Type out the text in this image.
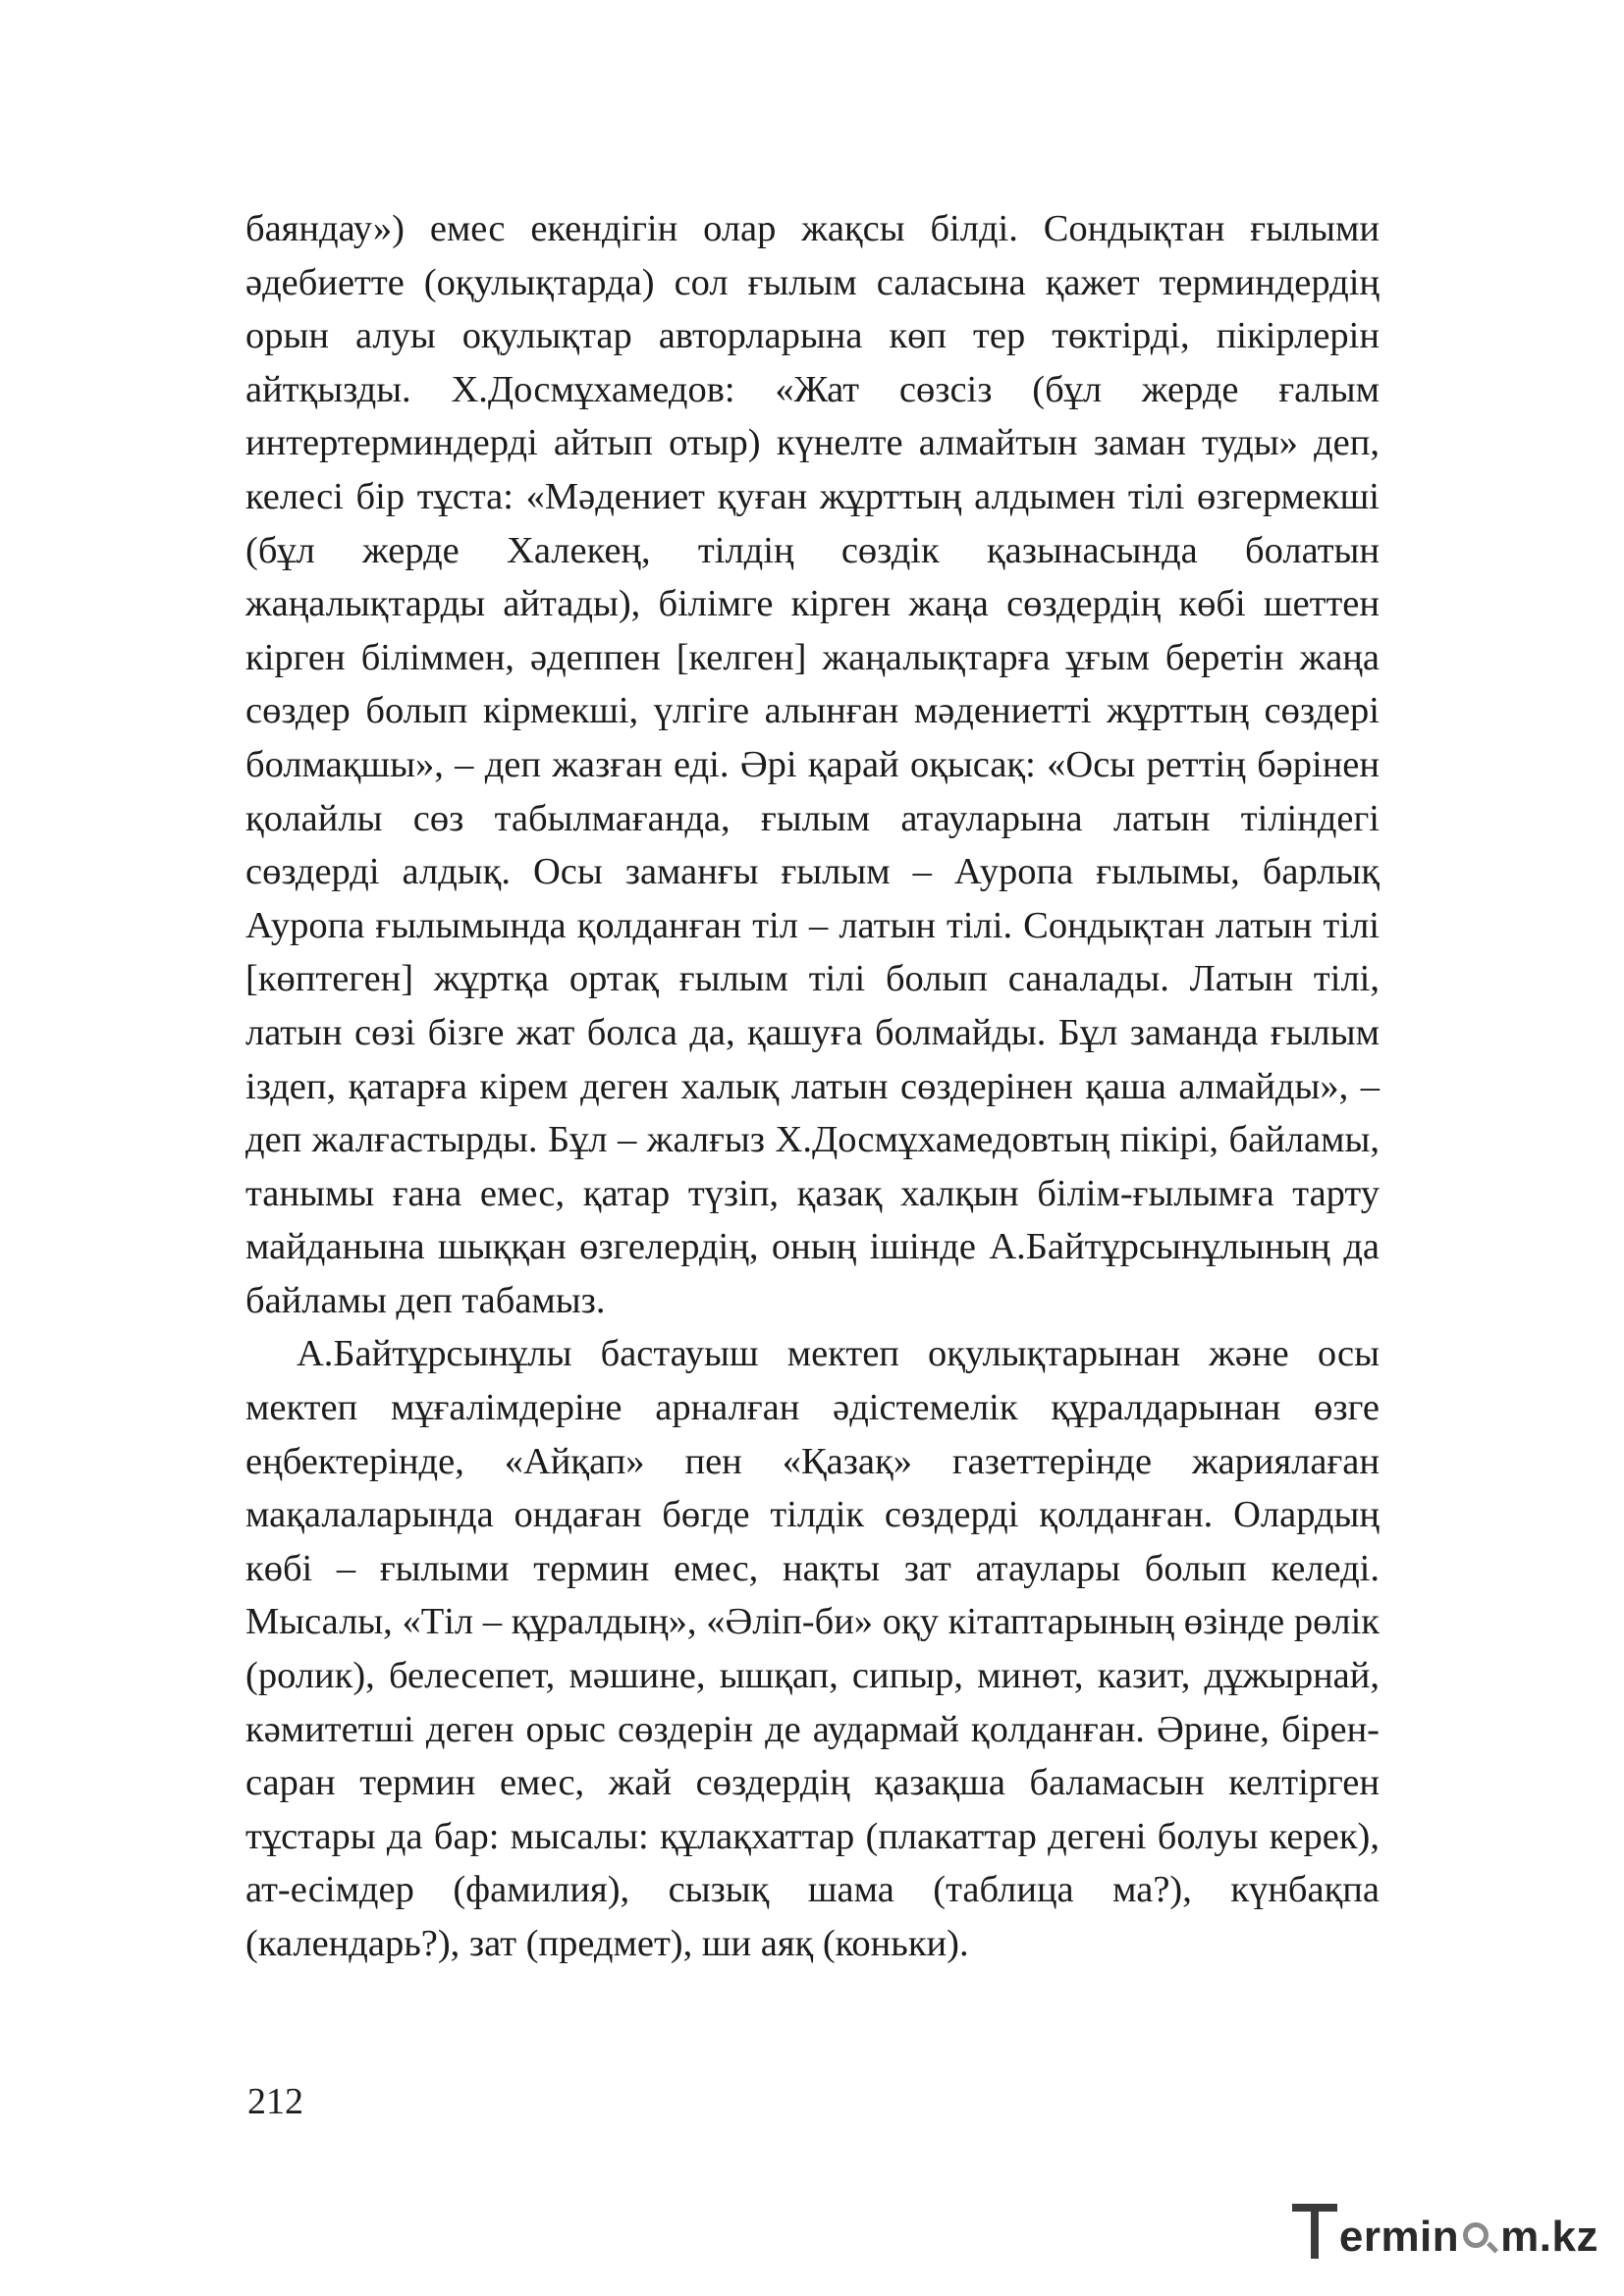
баяндау») емес екендігін олар жақсы білді. Сондықтан ғылыми әдебиетте (оқулықтарда) сол ғылым саласына қажет терминдердің орын алуы оқулықтар авторларына көп тер төктірді, пікірлерін айтқызды. Х.Досмұхамедов: «Жат сөзсіз (бұл жерде ғалым интертерминдерді айтып отыр) күнелте алмайтын заман туды» деп, келесі бір тұста: «Мәдениет қуған жұрттың алдымен тілі өзгермекші (бұл жерде Халекең, тілдің сөздік қазынасында болатын жаңалықтарды айтады), білімге кірген жаңа сөздердің көбі шеттен кірген біліммен, әдеппен [келген] жаңалықтарға ұғым беретін жаңа сөздер болып кірмекші, үлгіге алынған мәдениетті жұрттың сөздері болмақшы», – деп жазған еді. Әрі қарай оқысақ: «Осы реттің бәрінен қолайлы сөз табылмағанда, ғылым атауларына латын тіліндегі сөздерді алдық. Осы заманғы ғылым – Ауропа ғылымы, барлық Ауропа ғылымында қолданған тіл – латын тілі. Сондықтан латын тілі [көптеген] жұртқа ортақ ғылым тілі болып саналады. Латын тілі, латын сөзі бізге жат болса да, қашуға болмайды. Бұл заманда ғылым іздеп, қатарға кірем деген халық латын сөздерінен қаша алмайды», – деп жалғастырды. Бұл – жалғыз Х.Досмұхамедовтың пікірі, байламы, танымы ғана емес, қатар түзіп, қазақ халқын білім-ғылымға тарту майданына шыққан өзгелердің, оның ішінде А.Байтұрсынұлының да байламы деп табамыз.

А.Байтұрсынұлы бастауыш мектеп оқулықтарынан және осы мектеп мұғалімдеріне арналған әдістемелік құралдарынан өзге еңбектерінде, «Айқап» пен «Қазақ» газеттерінде жариялаған мақалаларында ондаған бөгде тілдік сөздерді қолданған. Олардың көбі – ғылыми термин емес, нақты зат атаулары болып келеді. Мысалы, «Тіл – құралдың», «Әліп-би» оқу кітаптарының өзінде рөлік (ролик), белесепет, мәшине, ышқап, сипыр, минөт, казит, дұжырнай, кәмитетші деген орыс сөздерін де аудармай қолданған. Әрине, бірен-саран термин емес, жай сөздердің қазақша баламасын келтірген тұстары да бар: мысалы: құлақхаттар (плакаттар дегені болуы керек), ат-есімдер (фамилия), сызық шама (таблица ма?), күнбақпа (календарь?), зат (предмет), ши аяқ (коньки).

212

ermin m.kz
